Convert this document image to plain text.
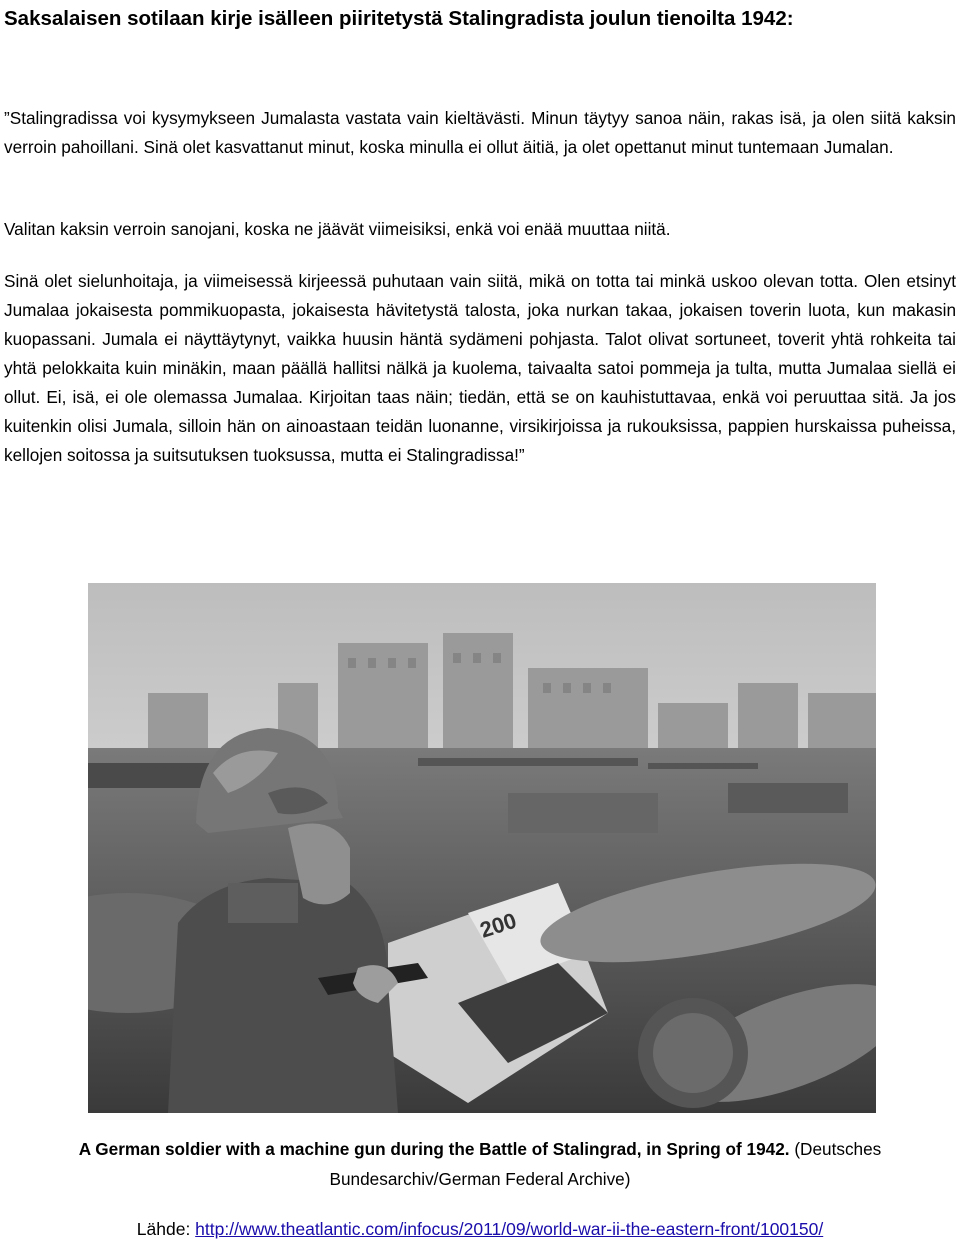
Saksalaisen sotilaan kirje isälleen piiritetystä Stalingradista joulun tienoilta 1942:

”Stalingradissa voi kysymykseen Jumalasta vastata vain kieltävästi. Minun täytyy sanoa näin, rakas isä, ja olen siitä kaksin verroin pahoillani. Sinä olet kasvattanut minut, koska minulla ei ollut äitiä, ja olet opettanut minut tuntemaan Jumalan.

Valitan kaksin verroin sanojani, koska ne jäävät viimeisiksi, enkä voi enää muuttaa niitä.

Sinä olet sielunhoitaja, ja viimeisessä kirjeessä puhutaan vain siitä, mikä on totta tai minkä uskoo olevan totta. Olen etsinyt Jumalaa jokaisesta pommikuopasta, jokaisesta hävitetystä talosta, joka nurkan takaa, jokaisen toverin luota, kun makasin kuopassani. Jumala ei näyttäytynyt, vaikka huusin häntä sydämeni pohjasta. Talot olivat sortuneet, toverit yhtä rohkeita tai yhtä pelokkaita kuin minäkin, maan päällä hallitsi nälkä ja kuolema, taivaalta satoi pommeja ja tulta, mutta Jumalaa siellä ei ollut. Ei, isä, ei ole olemassa Jumalaa. Kirjoitan taas näin; tiedän, että se on kauhistuttavaa, enkä voi peruuttaa sitä. Ja jos kuitenkin olisi Jumala, silloin hän on ainoastaan teidän luonanne, virsikirjoissa ja rukouksissa, pappien hurskaissa puheissa, kellojen soitossa ja suitsutuksen tuoksussa, mutta ei Stalingradissa!”

200

A German soldier with a machine gun during the Battle of Stalingrad, in Spring of 1942. (Deutsches Bundesarchiv/German Federal Archive)

Lähde: http://www.theatlantic.com/infocus/2011/09/world-war-ii-the-eastern-front/100150/
